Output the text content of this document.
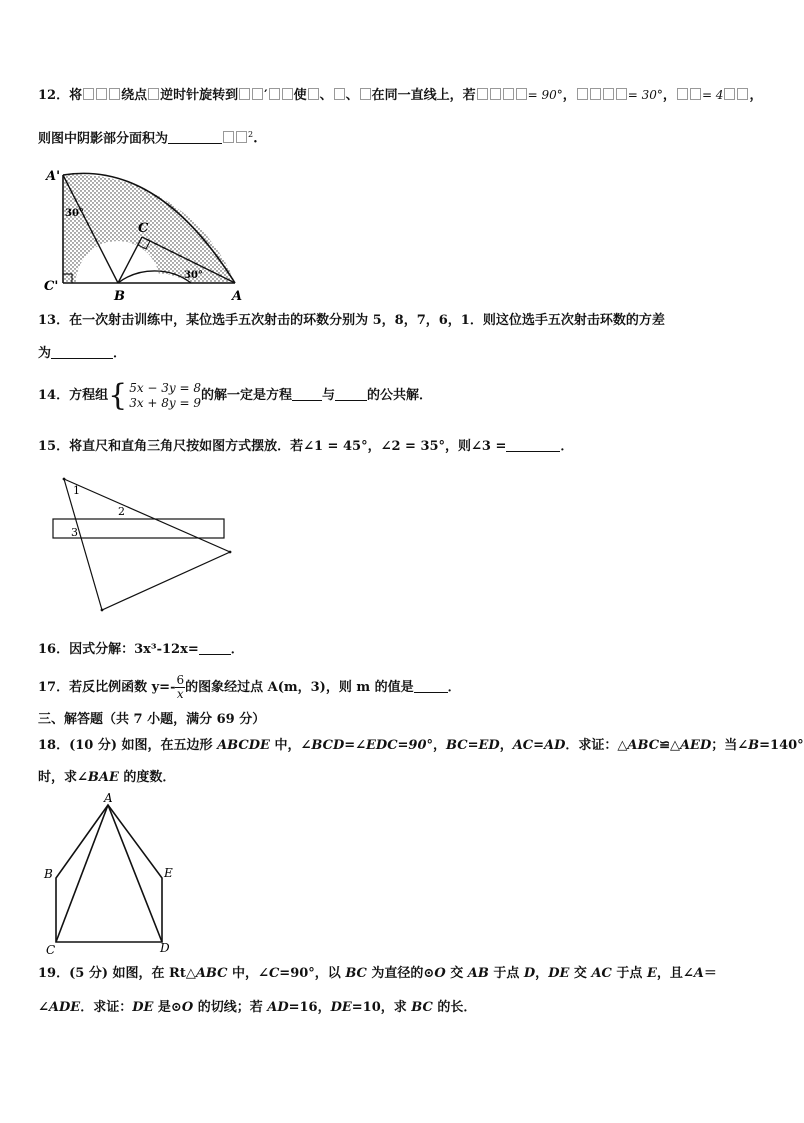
12．将	绕点 逆时针旋转到 ′ 使 、 、 在同一直线上，若	= 90°，	= 30°， = 4 ，
则图中阴影部分面积为	$^2$.
A'
C'
B	A
C
30°
30°
13．在一次射击训练中，某位选手五次射击的环数分别为 5，8，7，6，1．则这位选手五次射击环数的方差
为	．
14．方程组{ 5x − 3y = 8
3x + 8y = 9 的解一定是方程 与 的公共解．
15．将直尺和直角三角尺按如图方式摆放．若∠1 = 45°，∠2 = 35°，则∠3 =	．
1
2
3
16．因式分解：3x³-12x= ．
17．若反比例函数 $y=- \frac{6}{x}$ 的图象经过点 A(m，3)，则 m 的值是	．
三、解答题（共 7 小题，满分 69 分）
18．(10 分) 如图，在五边形 ABCDE 中，∠BCD=∠EDC=90°，BC=ED，AC=AD．求证：△ABC≌△AED；当∠B=140°
时，求∠BAE 的度数．
A
B
C	D
E
19．(5 分) 如图，在 Rt△ABC 中，∠C=90°，以 BC 为直径的⊙O 交 AB 于点 D，DE 交 AC 于点 E，且∠A＝
∠ADE．求证：DE 是⊙O 的切线；若 AD=16，DE=10，求 BC 的长．
